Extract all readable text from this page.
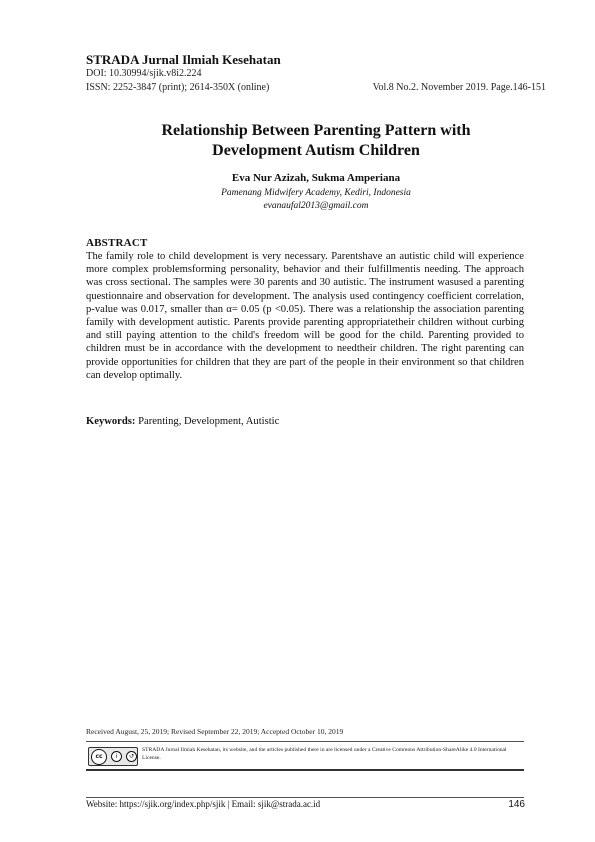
STRADA Jurnal Ilmiah Kesehatan
DOI: 10.30994/sjik.v8i2.224
ISSN: 2252-3847 (print); 2614-350X (online)	Vol.8 No.2. November 2019. Page.146-151
Relationship Between Parenting Pattern with
Development Autism Children
Eva Nur Azizah, Sukma Amperiana
Pamenang Midwifery Academy, Kediri, Indonesia
evanaufal2013@gmail.com
ABSTRACT
The family role to child development is very necessary. Parentshave an autistic child will experience more complex problemsforming personality, behavior and their fulfillmentis needing. The approach was cross sectional. The samples were 30 parents and 30 autistic. The instrument wasused a parenting questionnaire and observation for development. The analysis used contingency coefficient correlation, p-value was 0.017, smaller than α= 0.05 (p <0.05). There was a relationship the association parenting family with development autistic. Parents provide parenting appropriatetheir children without curbing and still paying attention to the child's freedom will be good for the child. Parenting provided to children must be in accordance with the development to needtheir children. The right parenting can provide opportunities for children that they are part of the people in their environment so that children can develop optimally.
Keywords: Parenting, Development, Autistic
Received August, 25, 2019; Revised September 22, 2019; Accepted October 10, 2019
cc	i	↺
STRADA Jurnal Ilmiah Kesehatan, its website, and the articles published there in are licensed under a Creative Commons Attribution-ShareAlike 4.0 International License.
Website: https://sjik.org/index.php/sjik | Email: sjik@strada.ac.id	146
